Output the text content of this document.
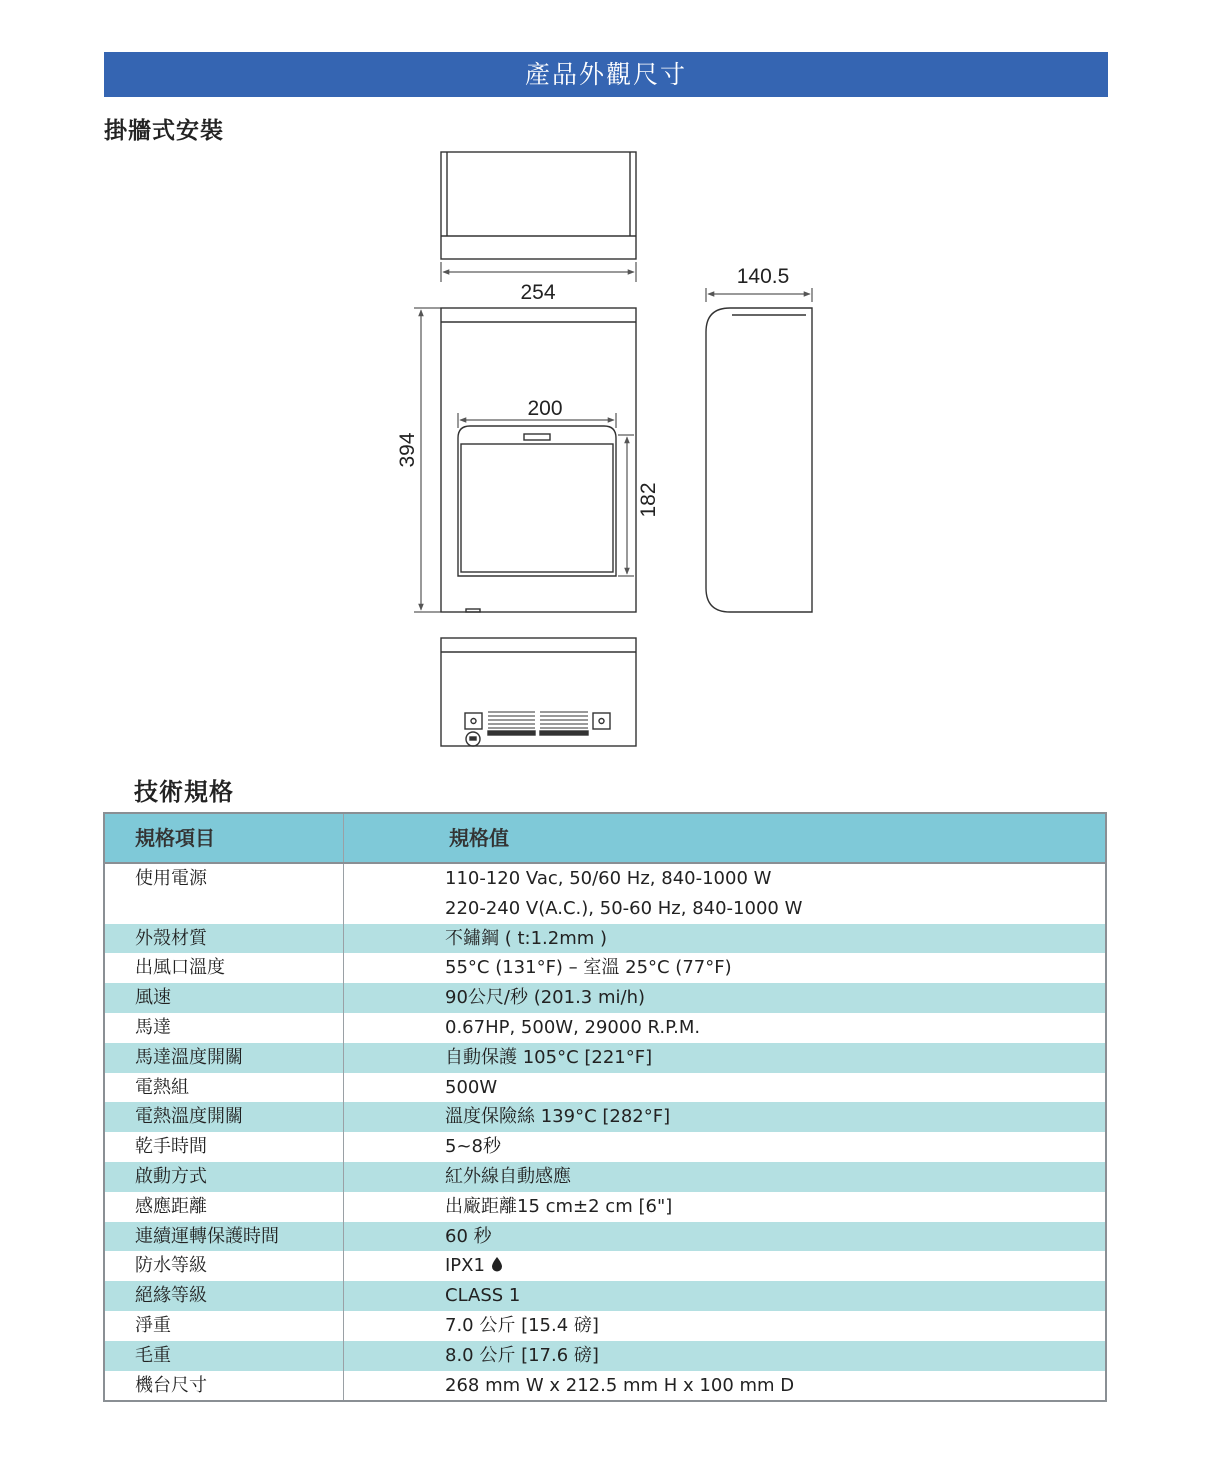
產品外觀尺寸
掛牆式安裝
254
140.5
200
394
182
技術規格
規格項目	規格值
使用電源	110-120 Vac, 50/60 Hz, 840-1000 W
220-240 V(A.C.), 50-60 Hz, 840-1000 W
外殼材質	不鏽鋼 ( t:1.2mm )
出風口溫度	55°C (131°F) – 室溫 25°C (77°F)
風速	90公尺/秒 (201.3 mi/h)
馬達	0.67HP, 500W, 29000 R.P.M.
馬達溫度開關	自動保護 105°C [221°F]
電熱組	500W
電熱溫度開關	溫度保險絲 139°C [282°F]
乾手時間	5~8秒
啟動方式	紅外線自動感應
感應距離	出廠距離15 cm±2 cm [6"]
連續運轉保護時間	60 秒
防水等級	IPX1
絕緣等級	CLASS 1
淨重	7.0 公斤 [15.4 磅]
毛重	8.0 公斤 [17.6 磅]
機台尺寸	268 mm W x 212.5 mm H x 100 mm D
